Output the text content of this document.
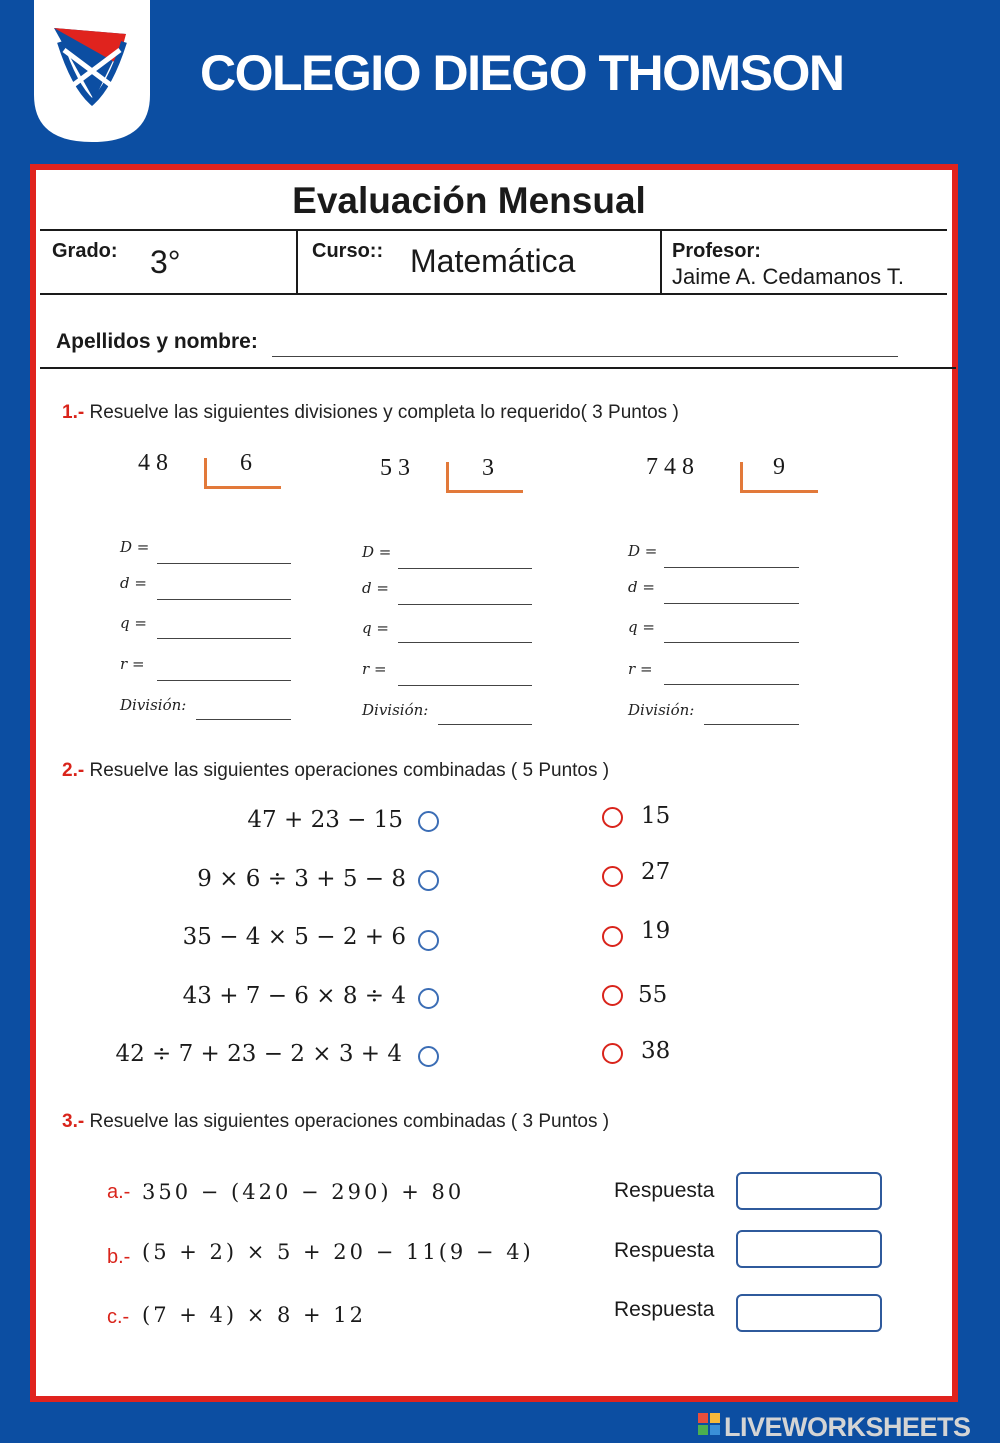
COLEGIO DIEGO THOMSON
Evaluación Mensual
Grado: 3°	Curso:: Matemática	Profesor:
Jaime A. Cedamanos T.
Apellidos y nombre:
1.- Resuelve las siguientes divisiones y completa lo requerido( 3 Puntos )
48	6	53	3	748	9
D =
d =
q =
r =
División:
D =
d =
q =
r =
División:
D =
d =
q =
r =
División:
2.- Resuelve las siguientes operaciones combinadas ( 5 Puntos )
47 + 23 − 15
9 × 6 ÷ 3 + 5 − 8
35 − 4 × 5 − 2 + 6
43 + 7 − 6 × 8 ÷ 4
42 ÷ 7 + 23 − 2 × 3 + 4
15
27
19
55
38
3.- Resuelve las siguientes operaciones combinadas ( 3 Puntos )
a.- 350 − (420 − 290) + 80	Respuesta
b.- (5 + 2) × 5 + 20 − 11(9 − 4)	Respuesta
c.- (7 + 4) × 8 + 12	Respuesta
LIVEWORKSHEETS
